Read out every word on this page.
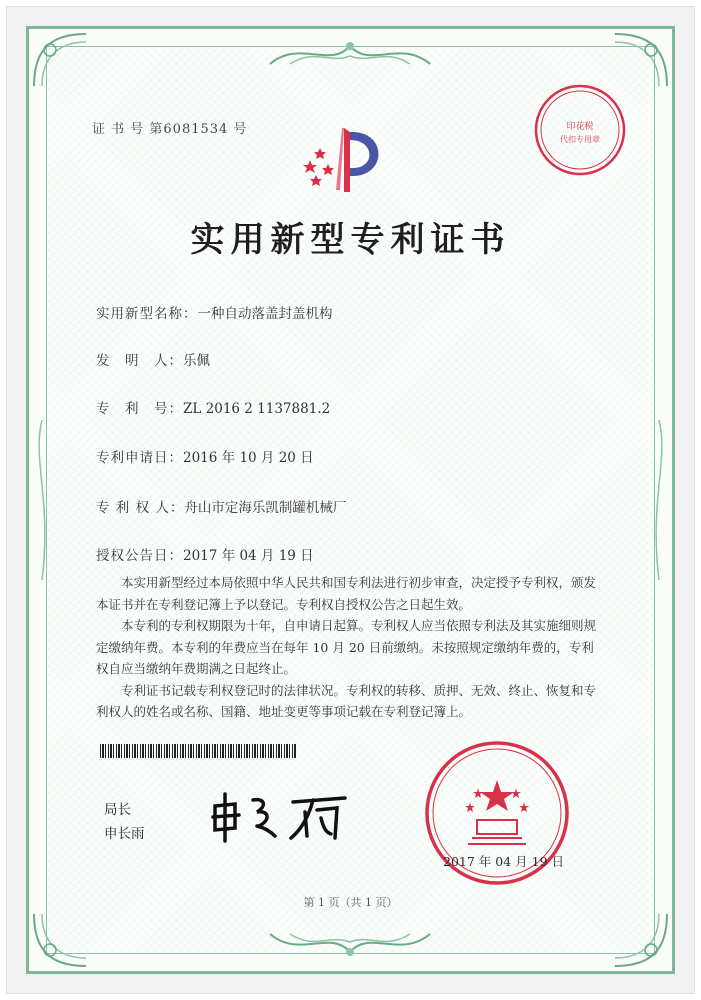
证 书 号 第6081534 号	印花税
代扣专用章
实用新型专利证书
实用新型名称：一种自动落盖封盖机构
发　明　人：乐佩
专　利　号：ZL 2016 2 1137881.2
专利申请日：2016 年 10 月 20 日
专 利 权 人：舟山市定海乐凯制罐机械厂
授权公告日：2017 年 04 月 19 日

本实用新型经过本局依照中华人民共和国专利法进行初步审查，决定授予专利权，颁发本证书并在专利登记簿上予以登记。专利权自授权公告之日起生效。

本专利的专利权期限为十年，自申请日起算。专利权人应当依照专利法及其实施细则规定缴纳年费。本专利的年费应当在每年 10 月 20 日前缴纳。未按照规定缴纳年费的，专利权自应当缴纳年费期满之日起终止。

专利证书记载专利权登记时的法律状况。专利权的转移、质押、无效、终止、恢复和专利权人的姓名或名称、国籍、地址变更等事项记载在专利登记簿上。

局长
申长雨
2017 年 04 月 19 日
第 1 页（共 1 页）
